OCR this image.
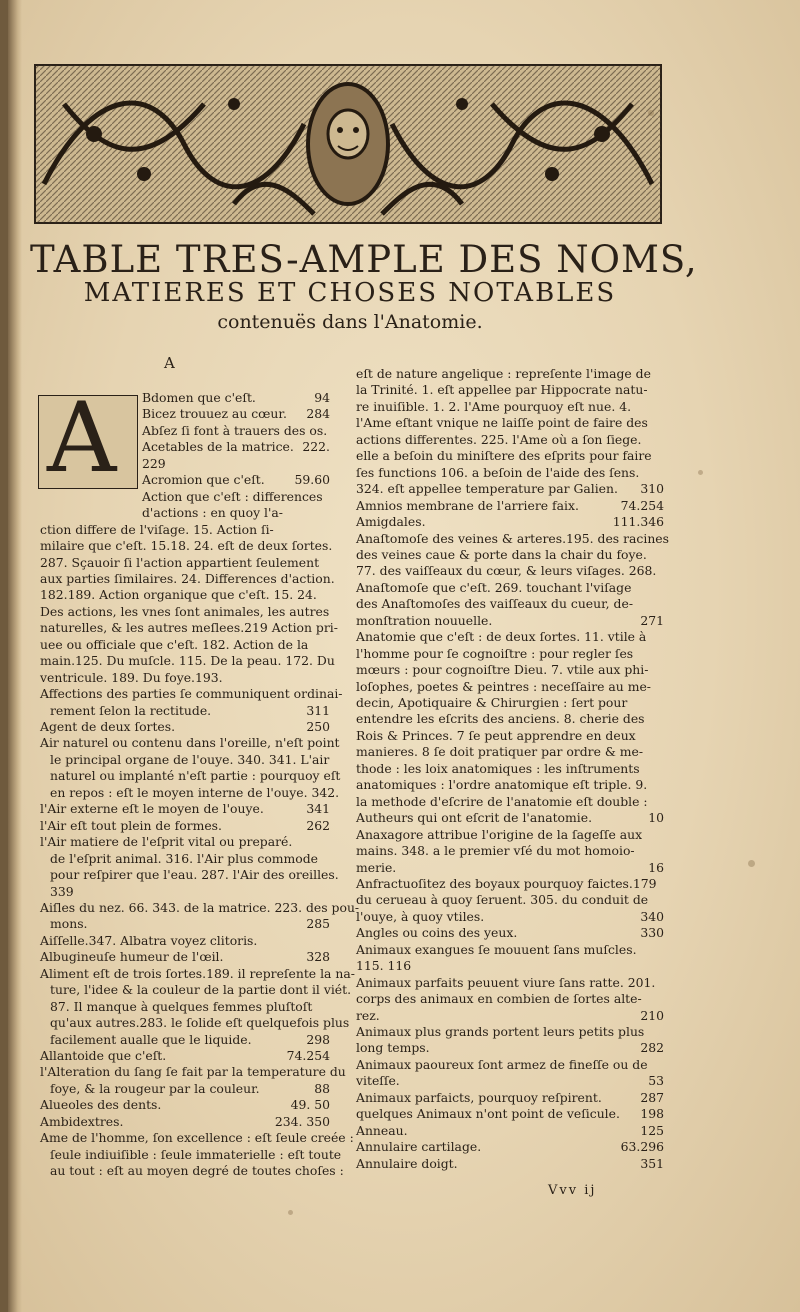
TABLE TRES-AMPLE DES NOMS,
MATIERES ET CHOSES NOTABLES
contenuës dans l'Anatomie.
A
A Bdomen que c'eſt.	94
Bicez trouuez au cœur.	284
Abſez ſi font à trauers des os.
Acetables de la matrice. 222.
229
Acromion que c'eſt.	59.60
Action que c'eſt : differences
d'actions : en quoy l'a-
ction differe de l'viſage. 15. Action ſi-
milaire que c'eſt. 15.18. 24. eſt de deux ſortes.
287. Sçauoir ſi l'action appartient ſeulement
aux parties ſimilaires. 24. Differences d'action.
182.189. Action organique que c'eſt. 15. 24.
Des actions, les vnes ſont animales, les autres
naturelles, & les autres meſlees.219 Action pri-
uee ou officiale que c'eſt. 182. Action de la
main.125. Du muſcle. 115. De la peau. 172. Du
ventricule. 189. Du foye.193.
Affections des parties ſe communiquent ordinai-
rement ſelon la rectitude.	311
Agent de deux ſortes.	250
Air naturel ou contenu dans l'oreille, n'eſt point
le principal organe de l'ouye. 340. 341. L'air
naturel ou implanté n'eſt partie : pourquoy eſt
en repos : eſt le moyen interne de l'ouye. 342.
l'Air externe eſt le moyen de l'ouye.	341
l'Air eſt tout plein de formes.	262
l'Air matiere de l'eſprit vital ou preparé.
de l'eſprit animal. 316. l'Air plus commode
pour reſpirer que l'eau. 287. l'Air des oreilles.
339
Aiſles du nez. 66. 343. de la matrice. 223. des pou-
mons.	285
Aiſſelle.347. Albatra voyez clitoris.
Albugineuſe humeur de l'œil.	328
Aliment eſt de trois ſortes.189. il repreſente la na-
ture, l'idee & la couleur de la partie dont il viét.
87. Il manque à quelques femmes pluſtoſt
qu'aux autres.283. le ſolide eſt quelquefois plus
facilement aualle que le liquide.	298
Allantoide que c'eſt.	74.254
l'Alteration du ſang ſe fait par la temperature du
foye, & la rougeur par la couleur.	88
Alueoles des dents.	49. 50
Ambidextres.	234. 350
Ame de l'homme, ſon excellence : eſt ſeule creée :
ſeule indiuiſible : ſeule immaterielle : eſt toute
au tout : eſt au moyen degré de toutes choſes :
eſt de nature angelique : repreſente l'image de
la Trinité. 1. eſt appellee par Hippocrate natu-
re inuiſible. 1. 2. l'Ame pourquoy eſt nue. 4.
l'Ame eſtant vnique ne laiſſe point de faire des
actions differentes. 225. l'Ame où a ſon ſiege.
elle a beſoin du miniſtere des eſprits pour faire
ſes functions 106. a beſoin de l'aide des ſens.
324. eſt appellee temperature par Galien.	310
Amnios membrane de l'arriere faix.	74.254
Amigdales.	111.346
Anaſtomoſe des veines & arteres.195. des racines
des veines caue & porte dans la chair du foye.
77. des vaiſſeaux du cœur, & leurs viſages. 268.
Anaſtomoſe que c'eſt. 269. touchant l'viſage
des Anaſtomoſes des vaiſſeaux du cueur, de-
monſtration nouuelle.	271
Anatomie que c'eſt : de deux ſortes. 11. vtile à
l'homme pour ſe cognoiſtre : pour regler ſes
mœurs : pour cognoiſtre Dieu. 7. vtile aux phi-
loſophes, poetes & peintres : neceſſaire au me-
decin, Apotiquaire & Chirurgien : ſert pour
entendre les eſcrits des anciens. 8. cherie des
Rois & Princes. 7 ſe peut apprendre en deux
manieres. 8 ſe doit pratiquer par ordre & me-
thode : les loix anatomiques : les inſtruments
anatomiques : l'ordre anatomique eſt triple. 9.
la methode d'eſcrire de l'anatomie eſt double :
Autheurs qui ont eſcrit de l'anatomie.	10
Anaxagore attribue l'origine de la ſageſſe aux
mains. 348. a le premier vſé du mot homoio-
merie.	16
Anfractuoſitez des boyaux pourquoy faictes.179
du cerueau à quoy ſeruent. 305. du conduit de
l'ouye, à quoy vtiles.	340
Angles ou coins des yeux.	330
Animaux exangues ſe mouuent ſans muſcles.
115. 116
Animaux parfaits peuuent viure ſans ratte. 201.
corps des animaux en combien de ſortes alte-
rez.	210
Animaux plus grands portent leurs petits plus
long temps.	282
Animaux paoureux ſont armez de fineſſe ou de
viteſſe.	53
Animaux parfaicts, pourquoy reſpirent.	287
quelques Animaux n'ont point de veſicule.	198
Anneau.	125
Annulaire cartilage.	63.296
Annulaire doigt.	351
Vvv ij
